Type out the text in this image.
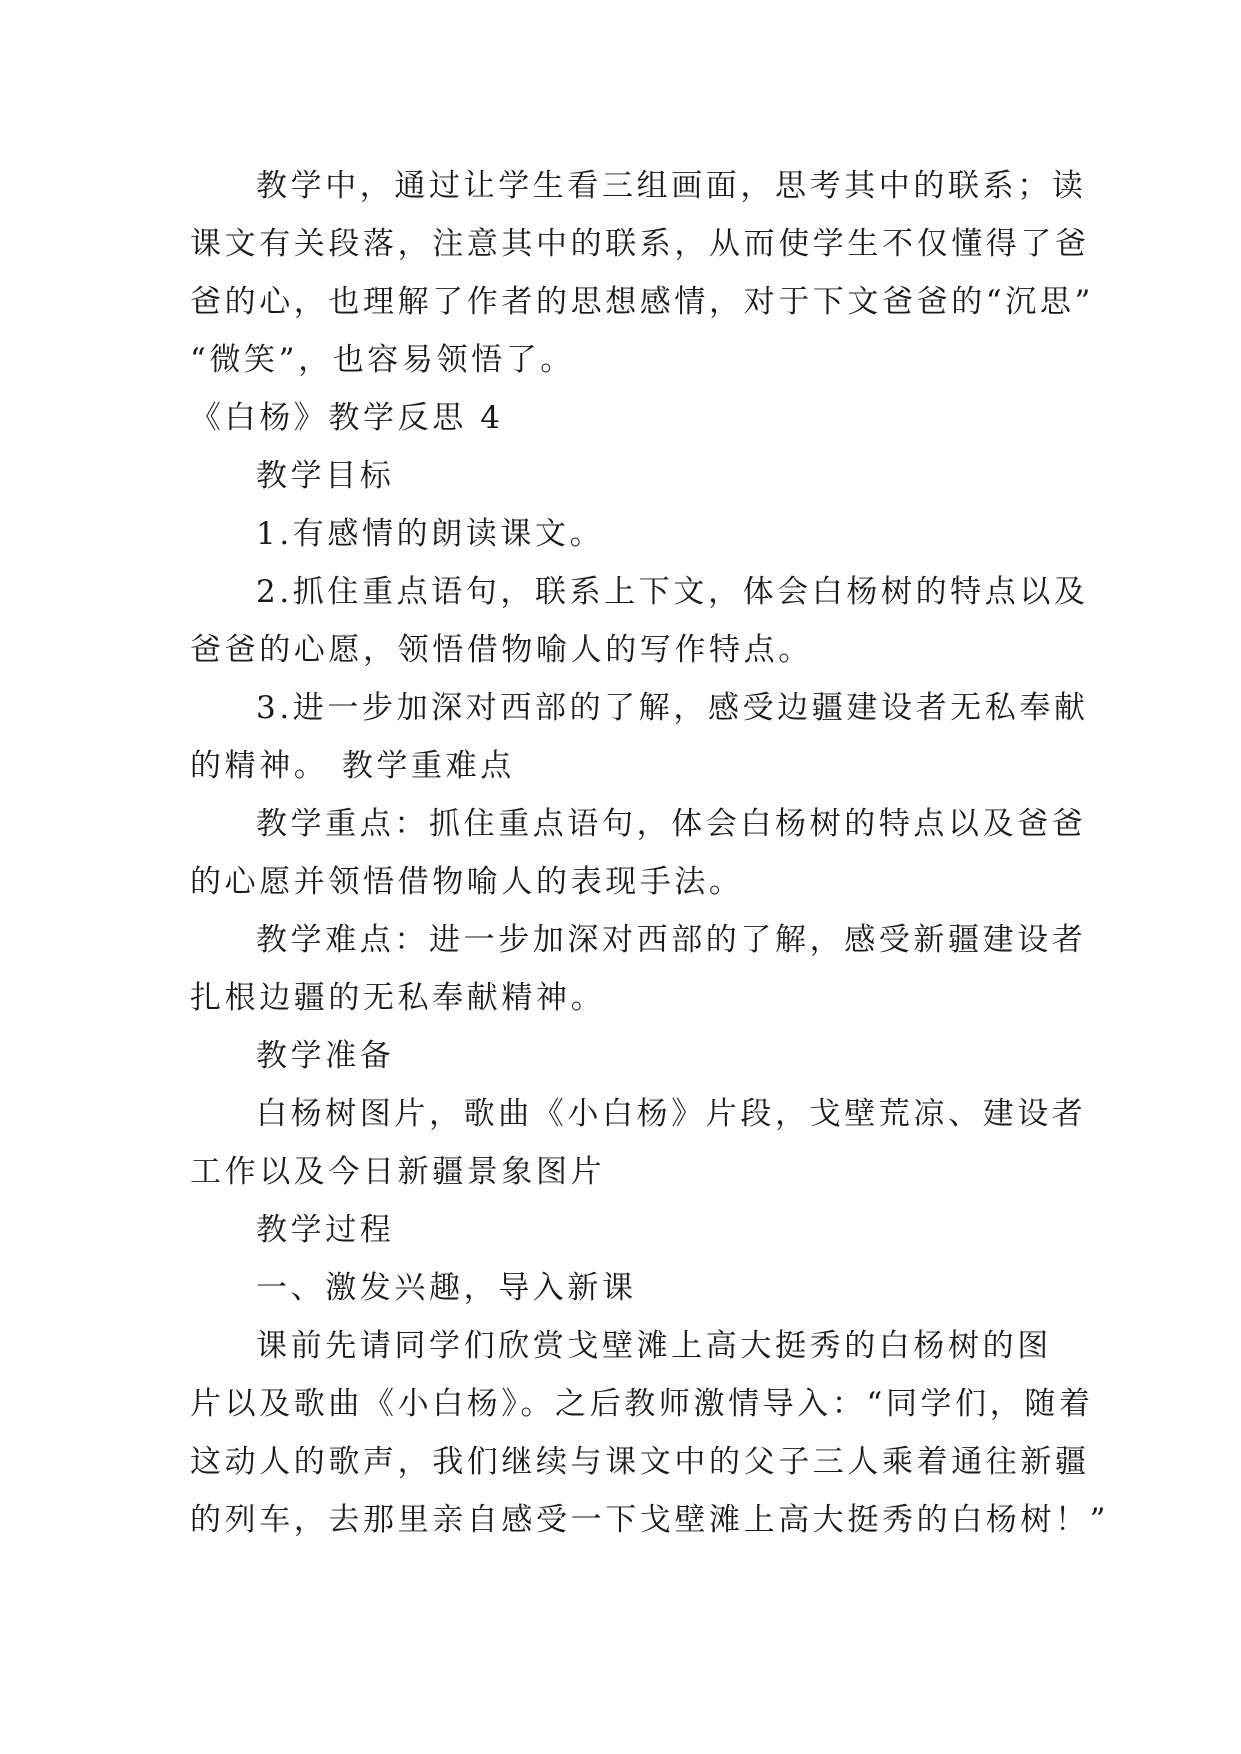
教学中，通过让学生看三组画面，思考其中的联系；读
课文有关段落，注意其中的联系，从而使学生不仅懂得了爸
爸的心，也理解了作者的思想感情，对于下文爸爸的“沉思”
“微笑”，也容易领悟了。
《白杨》教学反思 4
教学目标
1.有感情的朗读课文。
2.抓住重点语句，联系上下文，体会白杨树的特点以及
爸爸的心愿，领悟借物喻人的写作特点。
3.进一步加深对西部的了解，感受边疆建设者无私奉献
的精神。 教学重难点
教学重点：抓住重点语句，体会白杨树的特点以及爸爸
的心愿并领悟借物喻人的表现手法。
教学难点：进一步加深对西部的了解，感受新疆建设者
扎根边疆的无私奉献精神。
教学准备
白杨树图片，歌曲《小白杨》片段，戈壁荒凉、建设者
工作以及今日新疆景象图片
教学过程
一、激发兴趣，导入新课
课前先请同学们欣赏戈壁滩上高大挺秀的白杨树的图
片以及歌曲《小白杨》。之后教师激情导入：“同学们，随着
这动人的歌声，我们继续与课文中的父子三人乘着通往新疆
的列车，去那里亲自感受一下戈壁滩上高大挺秀的白杨树！”
